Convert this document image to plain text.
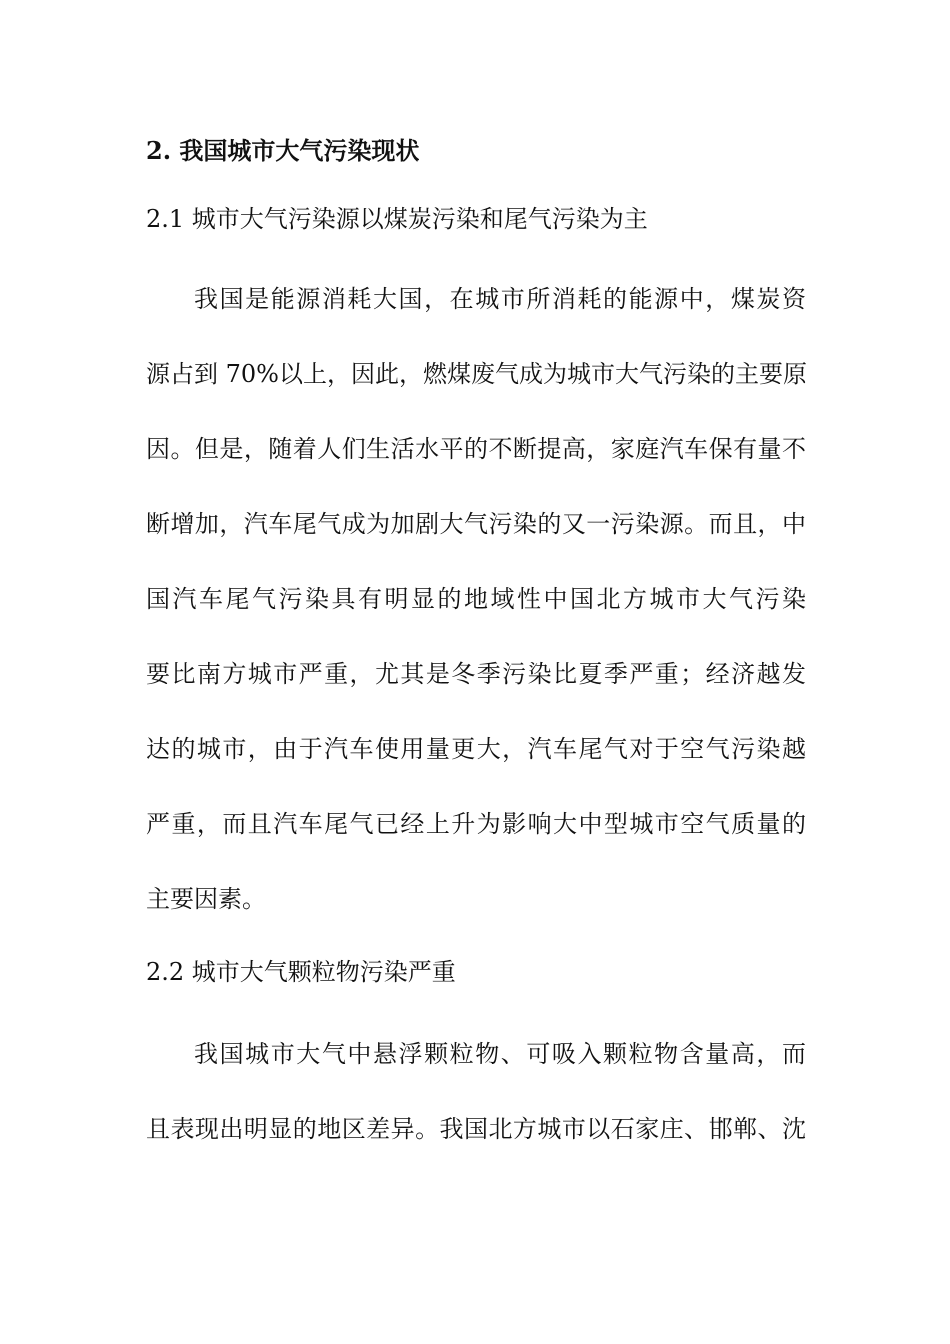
2. 我国城市大气污染现状
2.1 城市大气污染源以煤炭污染和尾气污染为主
我国是能源消耗大国，在城市所消耗的能源中，煤炭资
源占到 70%以上，因此，燃煤废气成为城市大气污染的主要原
因。但是，随着人们生活水平的不断提高，家庭汽车保有量不
断增加，汽车尾气成为加剧大气污染的又一污染源。而且，中
国汽车尾气污染具有明显的地域性中国北方城市大气污染
要比南方城市严重，尤其是冬季污染比夏季严重；经济越发
达的城市，由于汽车使用量更大，汽车尾气对于空气污染越
严重，而且汽车尾气已经上升为影响大中型城市空气质量的
主要因素。
2.2 城市大气颗粒物污染严重
我国城市大气中悬浮颗粒物、可吸入颗粒物含量高，而
且表现出明显的地区差异。我国北方城市以石家庄、邯郸、沈
